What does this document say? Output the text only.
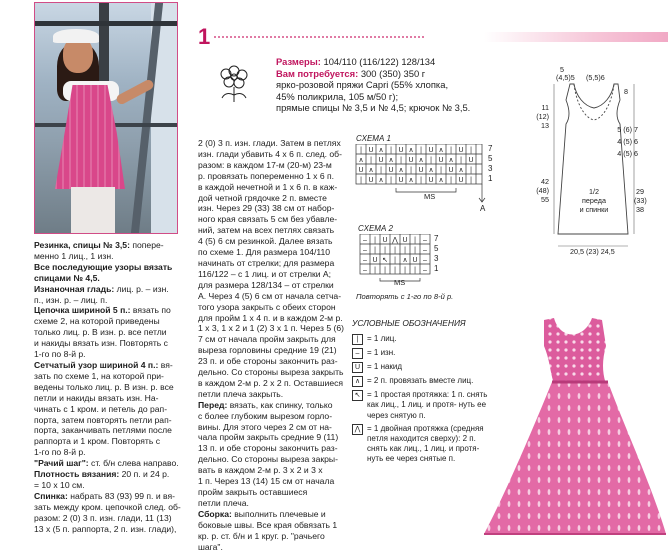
1
Размеры: 104/110 (116/122) 128/134
Вам потребуется: 300 (350) 350 г
ярко-розовой пряжи Capri (55% хлопка,
45% поликрила, 105 м/50 г);
прямые спицы № 3,5 и № 4,5; крючок № 3,5.

Резинка, спицы № 3,5: попере-

менно 1 лиц., 1 изн.

Все последующие узоры вязать

спицами № 4,5.

Изнаночная гладь: лиц. р. – изн.

п., изн. р. – лиц. п.

Цепочка шириной 5 п.: вязать по

схеме 2, на которой приведены

только лиц. р. В изн. р. все петли

и накиды вязать изн. Повторять с

1-го по 8-й р.

Сетчатый узор шириной 4 п.: вя-

зать по схеме 1, на которой при-

ведены только лиц. р. В изн. р. все

петли и накиды вязать изн. На-

чинать с 1 кром. и петель до рап-

порта, затем повторять петли рап-

порта, заканчивать петлями после

раппорта и 1 кром. Повторять с

1-го по 8-й р.

"Рачий шаг": ст. б/н слева направо.

Плотность вязания: 20 п. и 24 р.

= 10 х 10 см.

Спинка: набрать 83 (93) 99 п. и вя-

зать между кром. цепочкой след. об-

разом: 2 (0) 3 п. изн. глади, 11 (13)

13 х (5 п. раппорта, 2 п. изн. глади),

2 (0) 3 п. изн. глади. Затем в петлях

изн. глади убавить 4 х 6 п. след. об-

разом: в каждом 17-м (20-м) 23-м

р. провязать попеременно 1 х 6 п.

в каждой нечетной и 1 х 6 п. в каж-

дой четной грядочке 2 п. вместе

изн. Через 29 (33) 38 см от набор-

ного края связать 5 см без убавле-

ний, затем на всех петлях связать

4 (5) 6 см резинкой. Далее вязать

по схеме 1. Для размера 104/110

начинать от стрелки; для размера

116/122 – с 1 лиц. и от стрелки А;

для размера 128/134 – от стрелки

А. Через 4 (5) 6 см от начала сетча-

того узора закрыть с обеих сторон

для пройм 1 х 4 п. и в каждом 2-м р.

1 х 3, 1 х 2 и 1 (2) 3 х 1 п. Через 5 (6)

7 см от начала пройм закрыть для

выреза горловины средние 19 (21)

23 п. и обе стороны закончить раз-

дельно. Со стороны выреза закрыть

в каждом 2-м р. 2 х 2 п. Оставшиеся

петли плеча закрыть.

Перед: вязать, как спинку, только

с более глубоким вырезом горло-

вины. Для этого через 2 см от на-

чала пройм закрыть средние 9 (11)

13 п. и обе стороны закончить раз-

дельно. Со стороны выреза закры-

вать в каждом 2-м р. 3 х 2 и 3 х

1 п. Через 13 (14) 15 см от начала

пройм закрыть оставшиеся

петли плеча.

Сборка: выполнить плечевые и

боковые швы. Все края обвязать 1

кр. р. ст. б/н и 1 круг. р. "рачьего

шага".

СХЕМА 1
| U ∧ | U ∧ | U ∧ | U |
∧ | U ∧ | U ∧ | U ∧ | U
U ∧ | U ∧ | U ∧ | U ∧ |
| U ∧ | U ∧ | U ∧ | U |
7
5
3
1
MS
A
СХЕМА 2
– | U ⋀ U | –
– | | | | | –
– U ↖ | ∧ U –
– | | | | | –
7
5
3
1
MS
Повторять с 1-го по 8-й р.
УСЛОВНЫЕ ОБОЗНАЧЕНИЯ
|	= 1 лиц.
– = 1 изн.
U = 1 накид
∧ = 2 п. провязать вместе лиц.
↖ = 1 простая протяжка: 1 п. снять как лиц., 1 лиц. и протя- нуть ее через снятую п.
⋀ = 1 двойная протяжка (средняя петля находится сверху): 2 п. снять как лиц., 1 лиц. и протя- нуть ее через снятые п.
5
(4,5)5 (5,5)6
11
(12)
13
42
(48)
55
8
5 (6) 7
4 (5) 6
4 (5) 6
29
(33)
38
1/2
переда
и спинки
20,5 (23) 24,5
